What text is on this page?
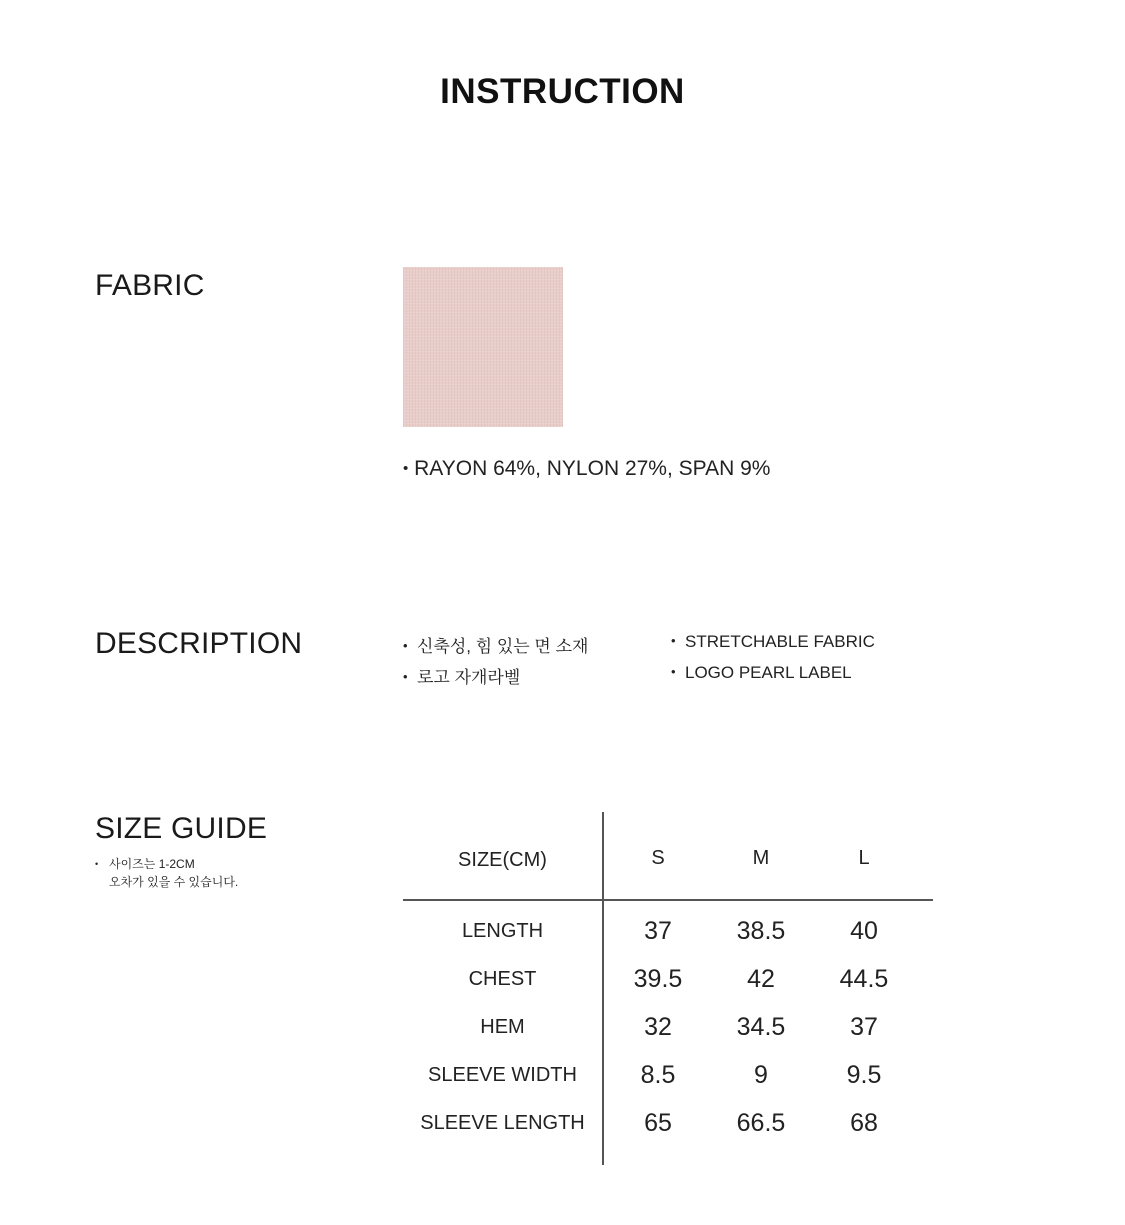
INSTRUCTION
FABRIC
• RAYON 64%, NYLON 27%, SPAN 9%
DESCRIPTION	• 신축성, 힘 있는 면 소재
• 로고 자개라벨
• STRETCHABLE FABRIC
• LOGO PEARL LABEL
SIZE GUIDE
• 사이즈는 1-2CM
오차가 있을 수 있습니다.
SIZE(CM)	S	M	L
LENGTH	37	38.5	40
CHEST	39.5	42	44.5
HEM	32	34.5	37
SLEEVE WIDTH	8.5	9	9.5
SLEEVE LENGTH	65	66.5	68
